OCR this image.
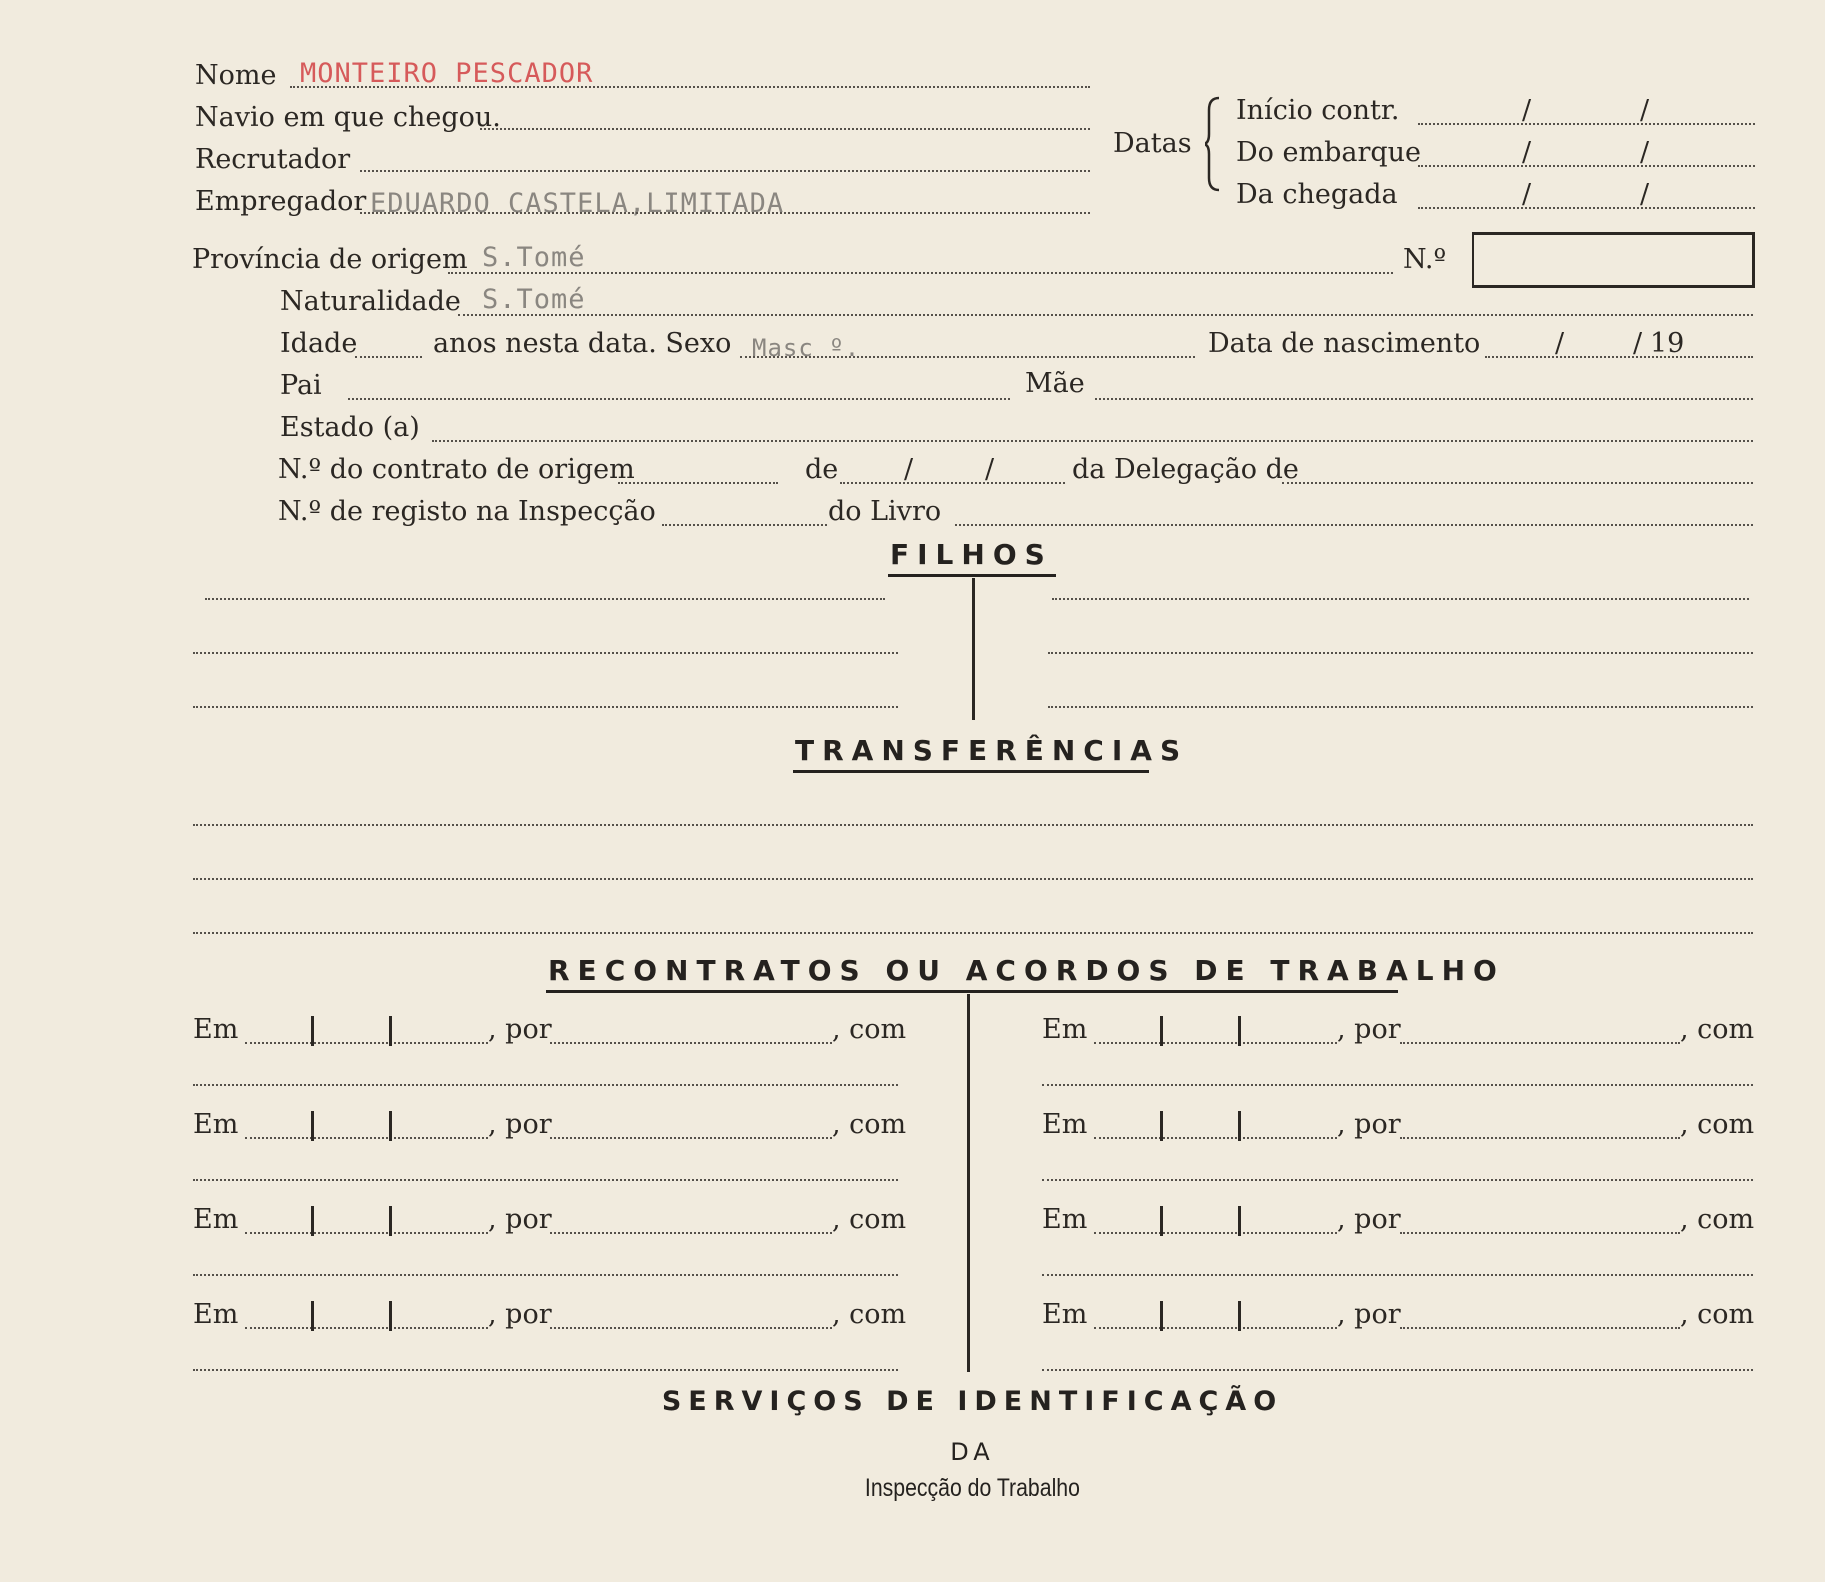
Nome MONTEIRO PESCADOR
Navio em que chegou.
Recrutador
Empregador EDUARDO CASTELA,LIMITADA
Datas
Início contr.	/	/
Do embarque	/	/
Da chegada	/	/
Província de origem S.Tomé	N.º
Naturalidade S.Tomé
Idade	anos nesta data. Sexo Masc º.	Data de nascimento	/	/ 19
Pai	Mãe
Estado (a)
N.º do contrato de origem	de /	/	da Delegação de
N.º de registo na Inspecção	do Livro
FILHOS
TRANSFERÊNCIAS
RECONTRATOS OU ACORDOS DE TRABALHO
Em	, por	, com
Em	, por	, com
Em	, por	, com
Em	, por	, com
Em	, por	, com
Em	, por	, com
Em	, por	, com
Em	, por	, com
SERVIÇOS DE IDENTIFICAÇÃO
DA
Inspecção do Trabalho
